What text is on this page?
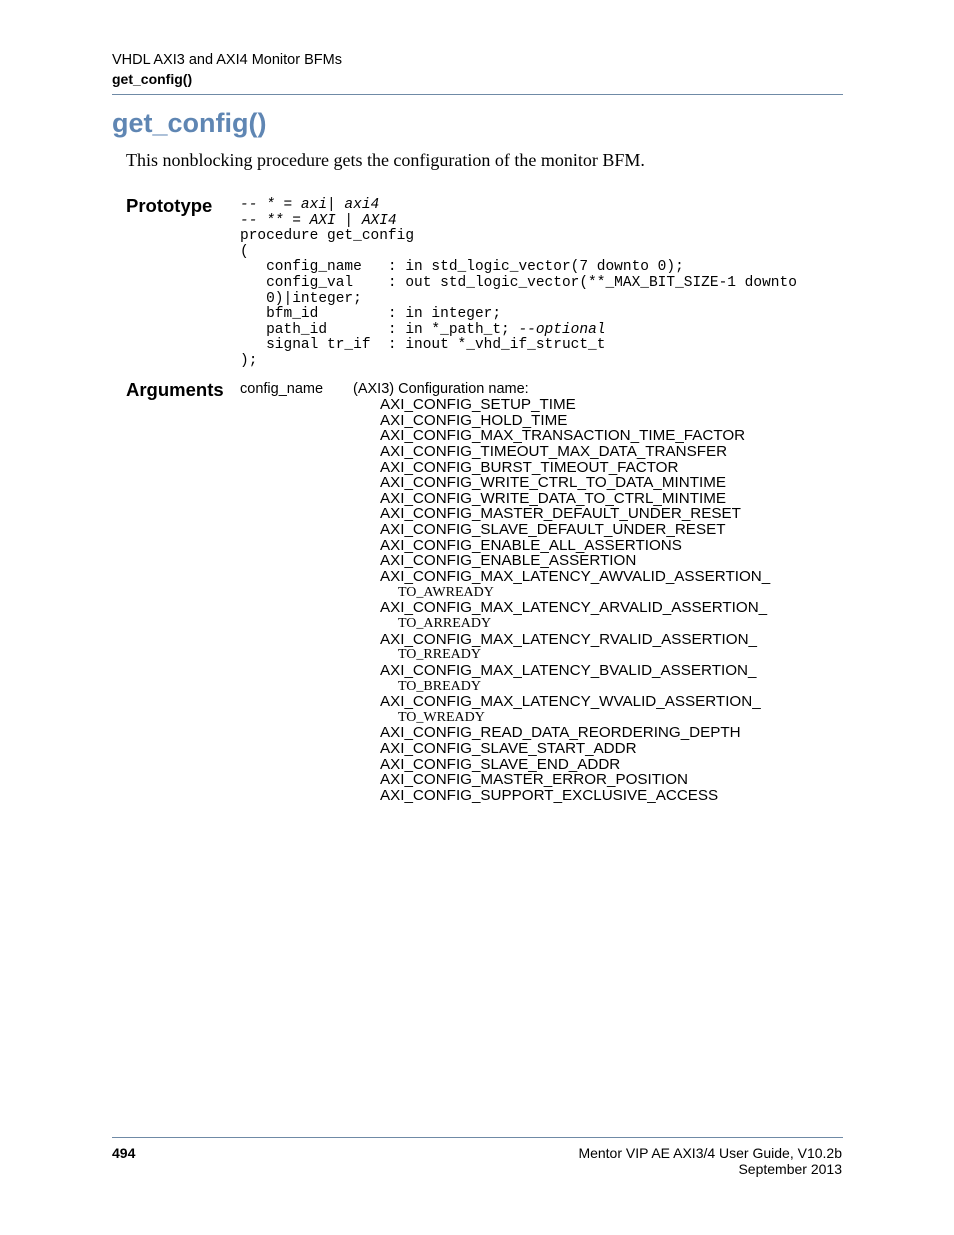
VHDL AXI3 and AXI4 Monitor BFMs
get_config()
get_config()
This nonblocking procedure gets the configuration of the monitor BFM.
Prototype -- * = axi| axi4
-- ** = AXI | AXI4
procedure get_config
(
config_name   : in std_logic_vector(7 downto 0);
config_val    : out std_logic_vector(**_MAX_BIT_SIZE-1 downto
0)|integer;
bfm_id        : in integer;
path_id       : in *_path_t; --optional
signal tr_if  : inout *_vhd_if_struct_t
);
Arguments config_name (AXI3) Configuration name:
AXI_CONFIG_SETUP_TIME
AXI_CONFIG_HOLD_TIME
AXI_CONFIG_MAX_TRANSACTION_TIME_FACTOR
AXI_CONFIG_TIMEOUT_MAX_DATA_TRANSFER
AXI_CONFIG_BURST_TIMEOUT_FACTOR
AXI_CONFIG_WRITE_CTRL_TO_DATA_MINTIME
AXI_CONFIG_WRITE_DATA_TO_CTRL_MINTIME
AXI_CONFIG_MASTER_DEFAULT_UNDER_RESET
AXI_CONFIG_SLAVE_DEFAULT_UNDER_RESET
AXI_CONFIG_ENABLE_ALL_ASSERTIONS
AXI_CONFIG_ENABLE_ASSERTION
AXI_CONFIG_MAX_LATENCY_AWVALID_ASSERTION_
TO_AWREADY
AXI_CONFIG_MAX_LATENCY_ARVALID_ASSERTION_
TO_ARREADY
AXI_CONFIG_MAX_LATENCY_RVALID_ASSERTION_
TO_RREADY
AXI_CONFIG_MAX_LATENCY_BVALID_ASSERTION_
TO_BREADY
AXI_CONFIG_MAX_LATENCY_WVALID_ASSERTION_
TO_WREADY
AXI_CONFIG_READ_DATA_REORDERING_DEPTH
AXI_CONFIG_SLAVE_START_ADDR
AXI_CONFIG_SLAVE_END_ADDR
AXI_CONFIG_MASTER_ERROR_POSITION
AXI_CONFIG_SUPPORT_EXCLUSIVE_ACCESS
494	Mentor VIP AE AXI3/4 User Guide, V10.2b
September 2013
